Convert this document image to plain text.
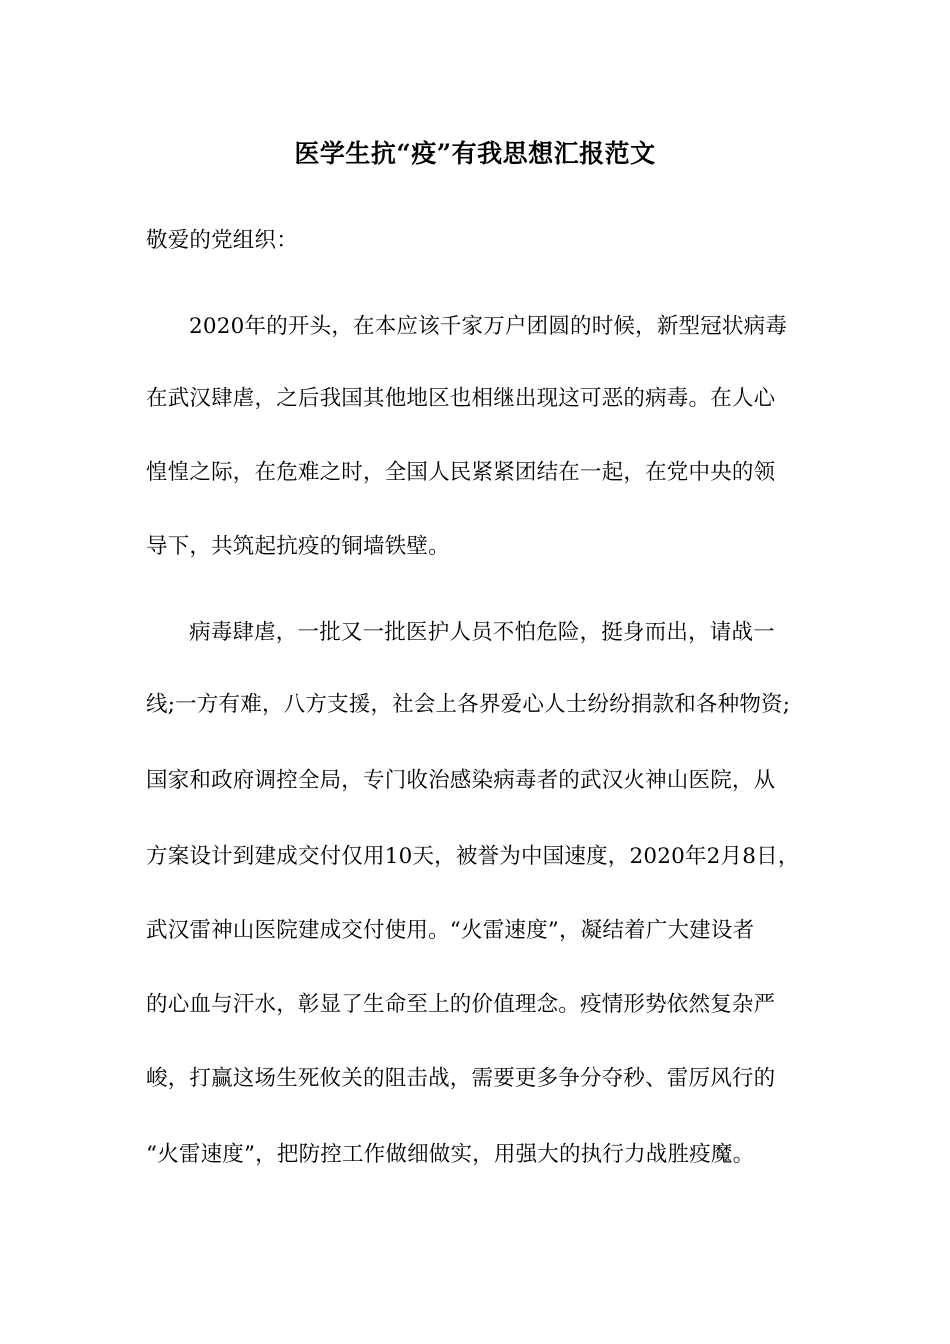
医学生抗“疫”有我思想汇报范文
敬爱的党组织：
2020年的开头，在本应该千家万户团圆的时候，新型冠状病毒
在武汉肆虐，之后我国其他地区也相继出现这可恶的病毒。在人心
惶惶之际，在危难之时，全国人民紧紧团结在一起，在党中央的领
导下，共筑起抗疫的铜墙铁壁。
病毒肆虐，一批又一批医护人员不怕危险，挺身而出，请战一
线;一方有难，八方支援，社会上各界爱心人士纷纷捐款和各种物资;
国家和政府调控全局，专门收治感染病毒者的武汉火神山医院，从
方案设计到建成交付仅用10天，被誉为中国速度，2020年2月8日，
武汉雷神山医院建成交付使用。“火雷速度”，凝结着广大建设者
的心血与汗水，彰显了生命至上的价值理念。疫情形势依然复杂严
峻，打赢这场生死攸关的阻击战，需要更多争分夺秒、雷厉风行的
“火雷速度”，把防控工作做细做实，用强大的执行力战胜疫魔。
